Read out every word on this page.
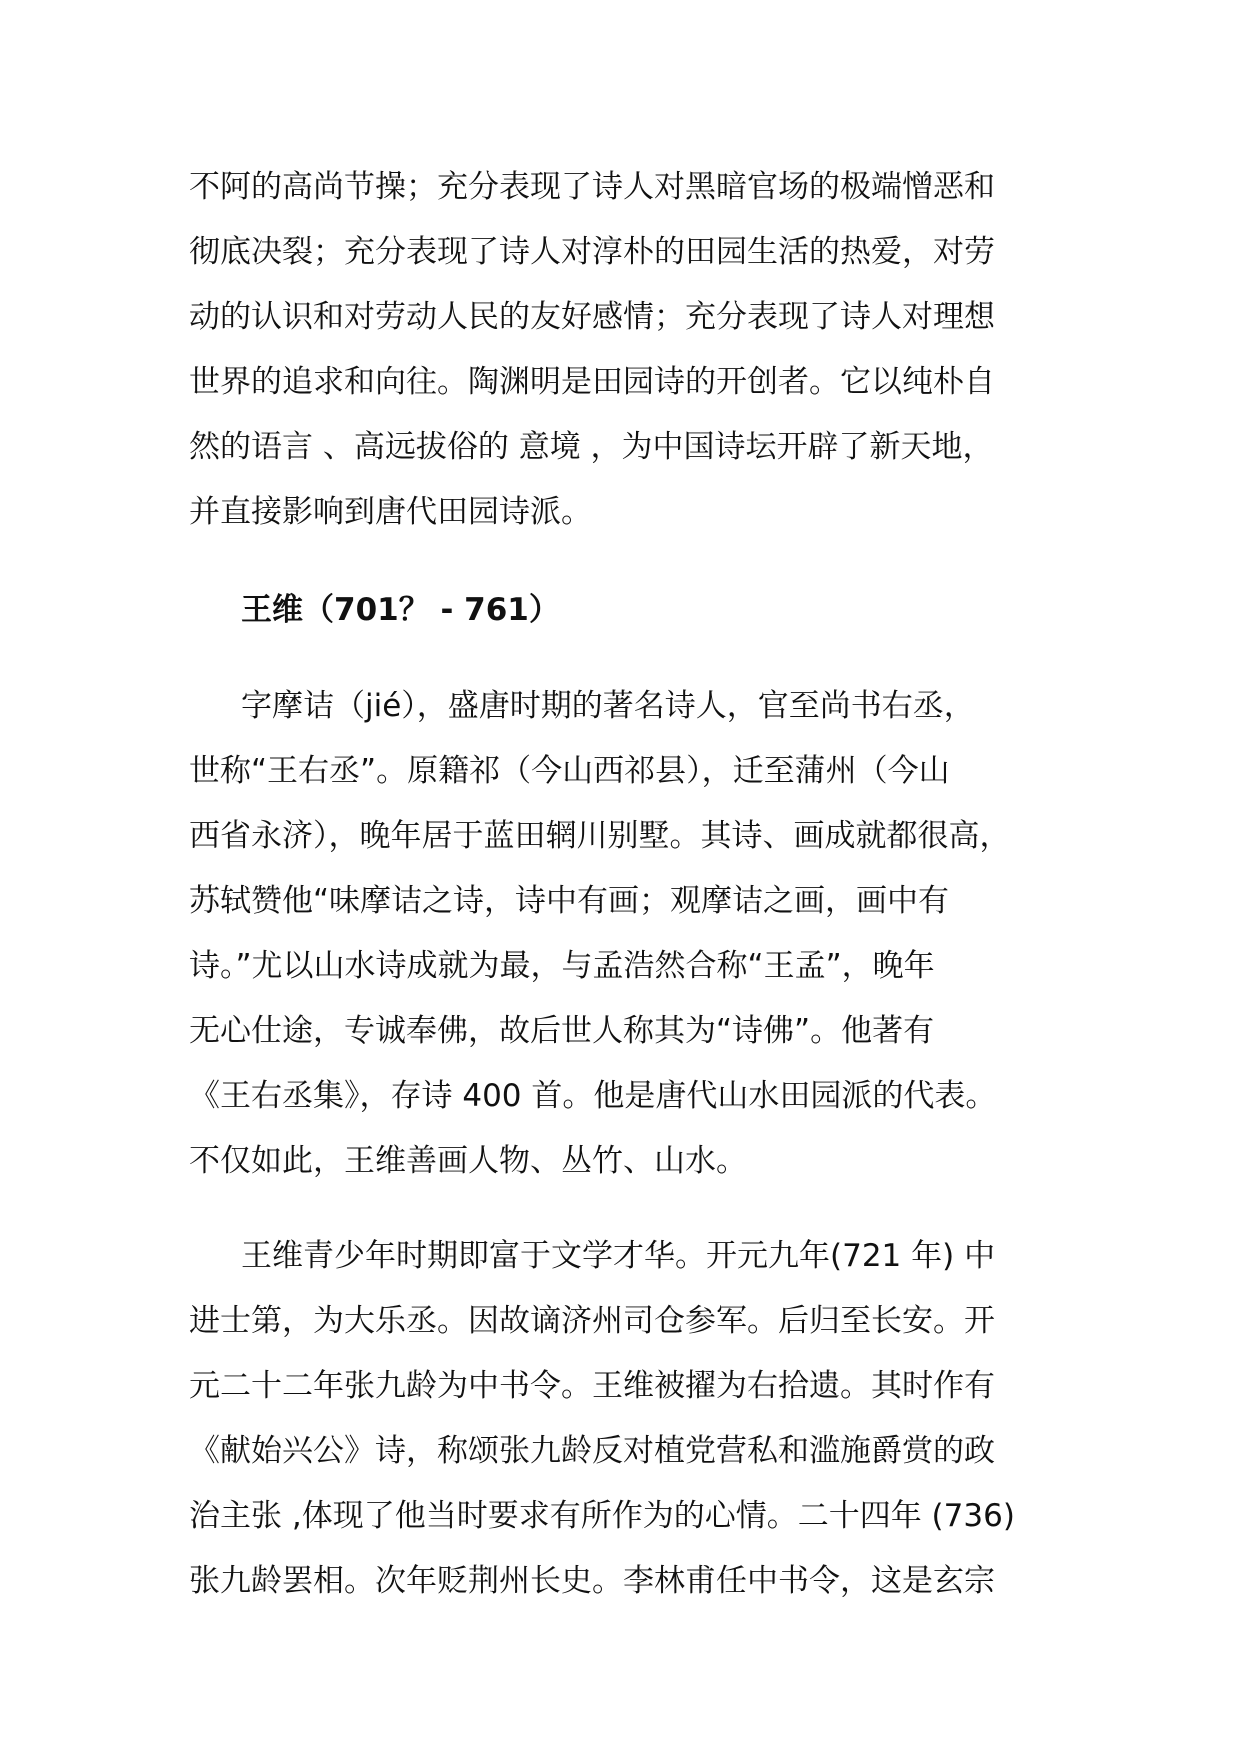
不阿的高尚节操；充分表现了诗人对黑暗官场的极端憎恶和
彻底决裂；充分表现了诗人对淳朴的田园生活的热爱，对劳
动的认识和对劳动人民的友好感情；充分表现了诗人对理想
世界的追求和向往。陶渊明是田园诗的开创者。它以纯朴自
然的语言 、高远拔俗的 意境 ，为中国诗坛开辟了新天地，
并直接影响到唐代田园诗派。
王维（701？ - 761）
字摩诘（jié），盛唐时期的著名诗人，官至尚书右丞，
世称“王右丞”。原籍祁（今山西祁县），迁至蒲州（今山
西省永济），晚年居于蓝田辋川别墅。其诗、画成就都很高，
苏轼赞他“味摩诘之诗，诗中有画；观摩诘之画，画中有
诗。”尤以山水诗成就为最，与孟浩然合称“王孟”，晚年
无心仕途，专诚奉佛，故后世人称其为“诗佛”。他著有
《王右丞集》，存诗 400 首。他是唐代山水田园派的代表。
不仅如此，王维善画人物、丛竹、山水。
王维青少年时期即富于文学才华。开元九年(721 年) 中
进士第，为大乐丞。因故谪济州司仓参军。后归至长安。开
元二十二年张九龄为中书令。王维被擢为右拾遗。其时作有
《献始兴公》诗，称颂张九龄反对植党营私和滥施爵赏的政
治主张 ,体现了他当时要求有所作为的心情。二十四年 (736)
张九龄罢相。次年贬荆州长史。李林甫任中书令，这是玄宗
